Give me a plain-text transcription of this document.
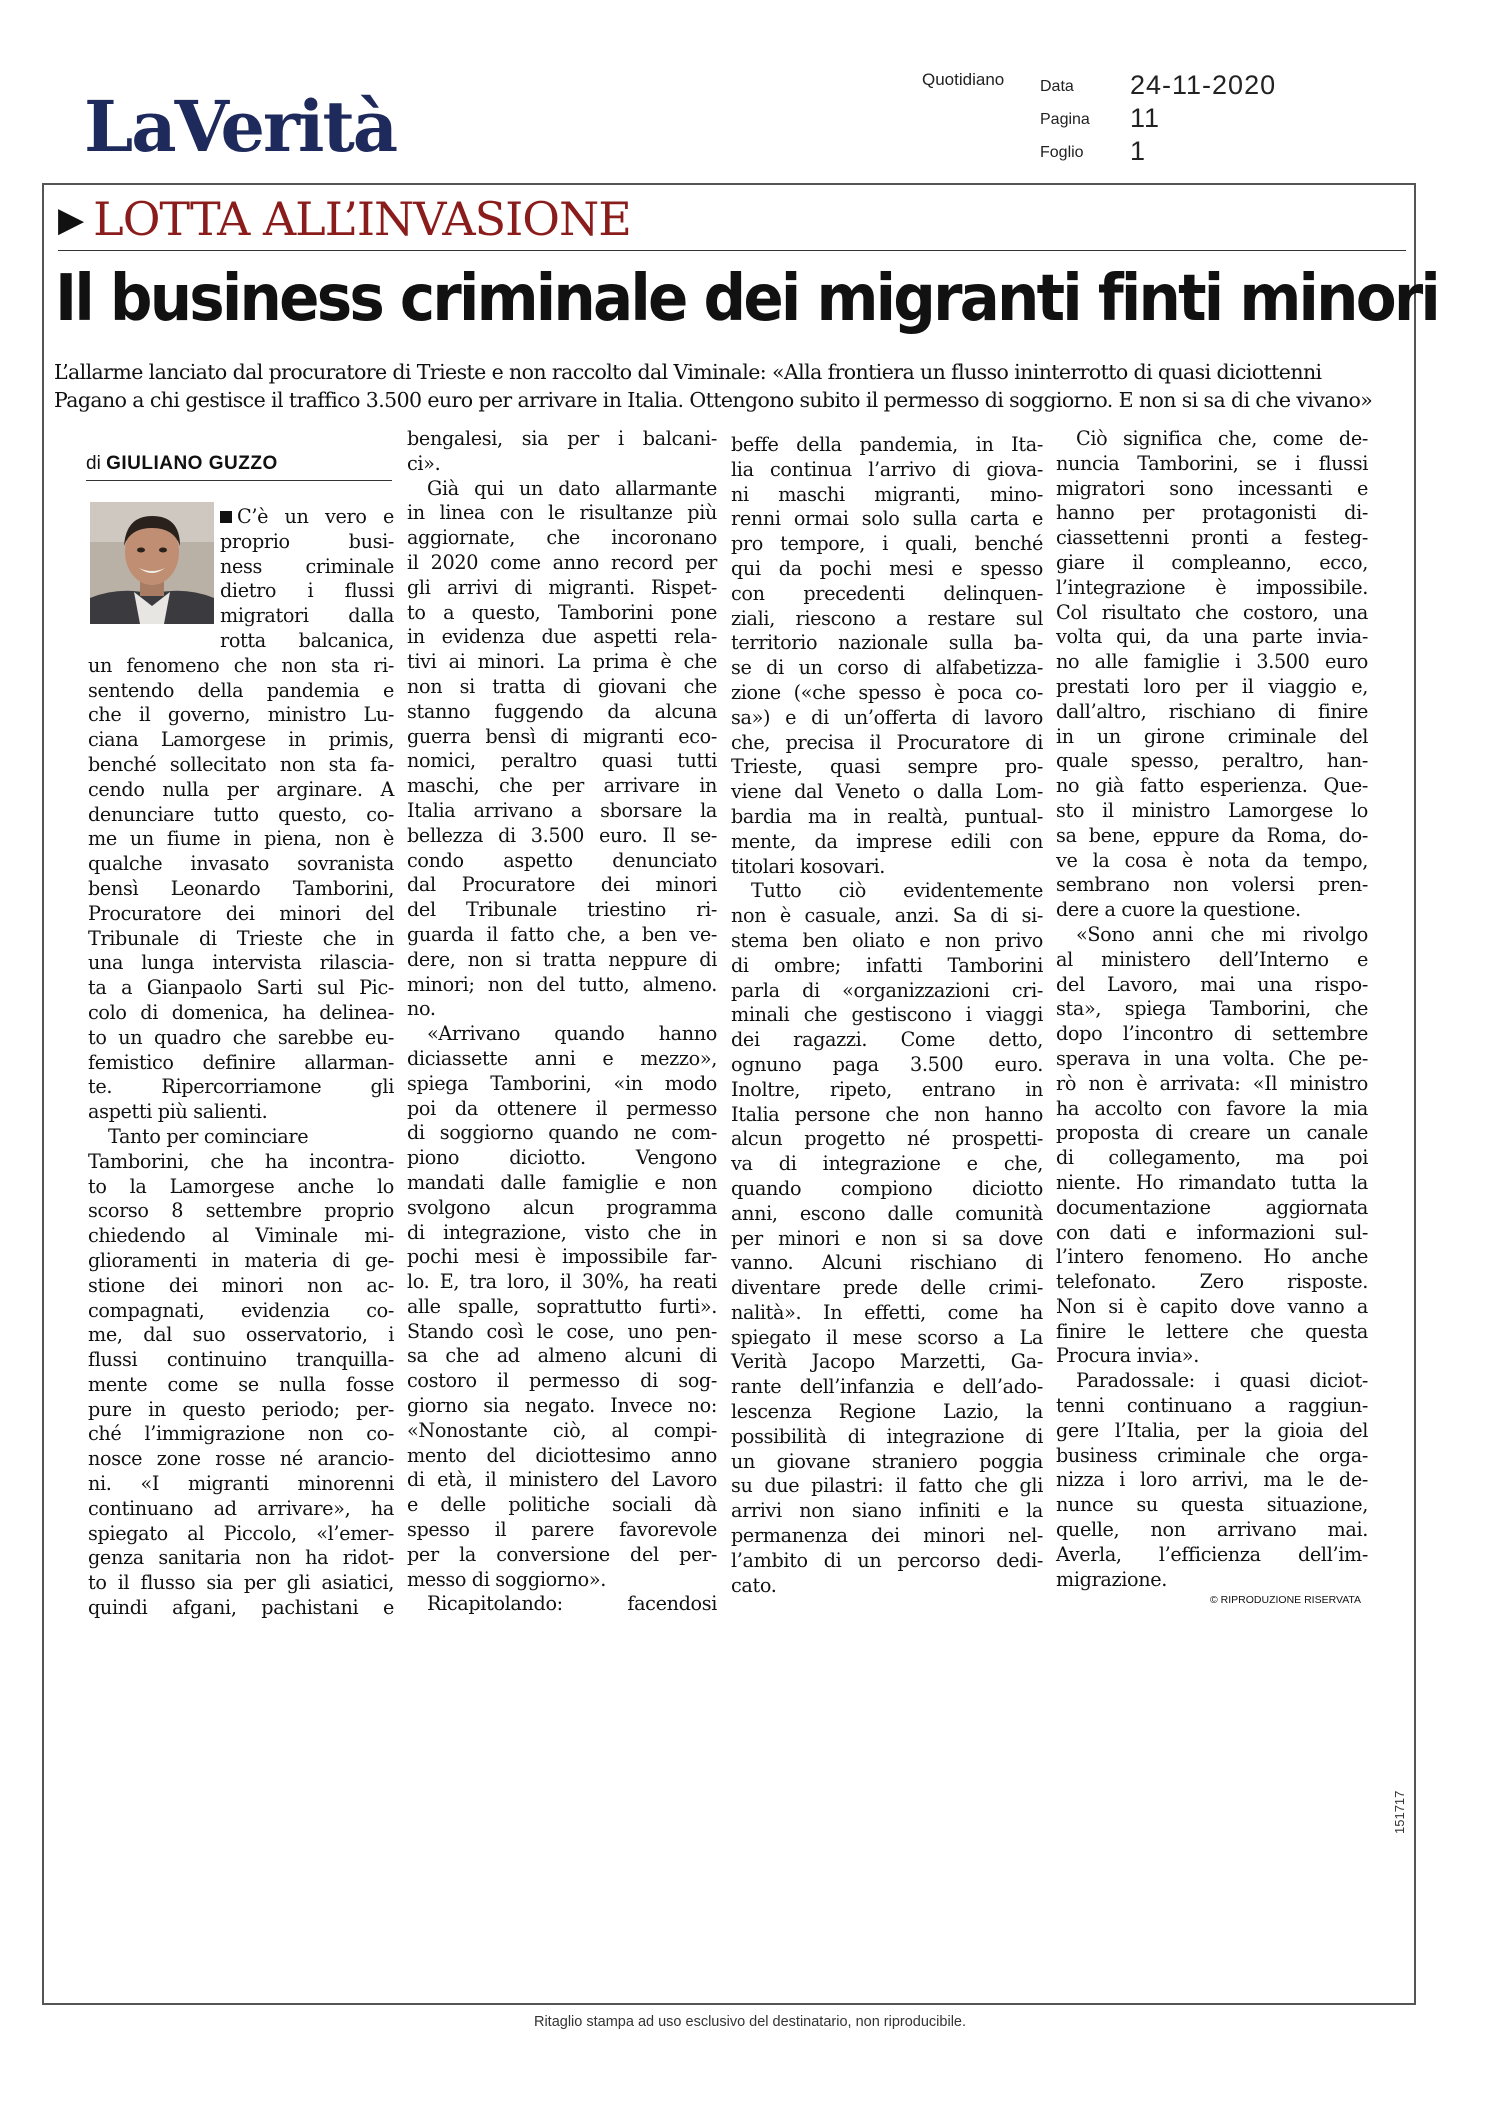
LaVerità
Quotidiano Data 24-11-2020
Pagina 11
Foglio 1
▶ LOTTA ALL’INVASIONE
Il business criminale dei migranti finti minori
L’allarme lanciato dal procuratore di Trieste e non raccolto dal Viminale: «Alla frontiera un flusso ininterrotto di quasi diciottenni
Pagano a chi gestisce il traffico 3.500 euro per arrivare in Italia. Ottengono subito il permesso di soggiorno. E non si sa di che vivano»
di GIULIANO GUZZO
C’è un vero e
proprio busi-
ness criminale
dietro i flussi
migratori dalla
rotta balcanica,
un fenomeno che non sta ri-
sentendo della pandemia e
che il governo, ministro Lu-
ciana Lamorgese in primis,
benché sollecitato non sta fa-
cendo nulla per arginare. A
denunciare tutto questo, co-
me un fiume in piena, non è
qualche invasato sovranista
bensì Leonardo Tamborini,
Procuratore dei minori del
Tribunale di Trieste che in
una lunga intervista rilascia-
ta a Gianpaolo Sarti sul Pic-
colo di domenica, ha delinea-
to un quadro che sarebbe eu-
femistico definire allarman-
te. Ripercorriamone gli
aspetti più salienti.
Tanto per cominciare
Tamborini, che ha incontra-
to la Lamorgese anche lo
scorso 8 settembre proprio
chiedendo al Viminale mi-
glioramenti in materia di ge-
stione dei minori non ac-
compagnati, evidenzia co-
me, dal suo osservatorio, i
flussi continuino tranquilla-
mente come se nulla fosse
pure in questo periodo; per-
ché l’immigrazione non co-
nosce zone rosse né arancio-
ni. «I migranti minorenni
continuano ad arrivare», ha
spiegato al Piccolo, «l’emer-
genza sanitaria non ha ridot-
to il flusso sia per gli asiatici,
quindi afgani, pachistani e
bengalesi, sia per i balcani-
ci».
Già qui un dato allarmante
in linea con le risultanze più
aggiornate, che incoronano
il 2020 come anno record per
gli arrivi di migranti. Rispet-
to a questo, Tamborini pone
in evidenza due aspetti rela-
tivi ai minori. La prima è che
non si tratta di giovani che
stanno fuggendo da alcuna
guerra bensì di migranti eco-
nomici, peraltro quasi tutti
maschi, che per arrivare in
Italia arrivano a sborsare la
bellezza di 3.500 euro. Il se-
condo aspetto denunciato
dal Procuratore dei minori
del Tribunale triestino ri-
guarda il fatto che, a ben ve-
dere, non si tratta neppure di
minori; non del tutto, almeno.
no.
«Arrivano quando hanno
diciassette anni e mezzo»,
spiega Tamborini, «in modo
poi da ottenere il permesso
di soggiorno quando ne com-
piono diciotto. Vengono
mandati dalle famiglie e non
svolgono alcun programma
di integrazione, visto che in
pochi mesi è impossibile far-
lo. E, tra loro, il 30%, ha reati
alle spalle, soprattutto furti».
Stando così le cose, uno pen-
sa che ad almeno alcuni di
costoro il permesso di sog-
giorno sia negato. Invece no:
«Nonostante ciò, al compi-
mento del diciottesimo anno
di età, il ministero del Lavoro
e delle politiche sociali dà
spesso il parere favorevole
per la conversione del per-
messo di soggiorno».
Ricapitolando: facendosi
beffe della pandemia, in Ita-
lia continua l’arrivo di giova-
ni maschi migranti, mino-
renni ormai solo sulla carta e
pro tempore, i quali, benché
qui da pochi mesi e spesso
con precedenti delinquen-
ziali, riescono a restare sul
territorio nazionale sulla ba-
se di un corso di alfabetizza-
zione («che spesso è poca co-
sa») e di un’offerta di lavoro
che, precisa il Procuratore di
Trieste, quasi sempre pro-
viene dal Veneto o dalla Lom-
bardia ma in realtà, puntual-
mente, da imprese edili con
titolari kosovari.
Tutto ciò evidentemente
non è casuale, anzi. Sa di si-
stema ben oliato e non privo
di ombre; infatti Tamborini
parla di «organizzazioni cri-
minali che gestiscono i viaggi
dei ragazzi. Come detto,
ognuno paga 3.500 euro.
Inoltre, ripeto, entrano in
Italia persone che non hanno
alcun progetto né prospetti-
va di integrazione e che,
quando compiono diciotto
anni, escono dalle comunità
per minori e non si sa dove
vanno. Alcuni rischiano di
diventare prede delle crimi-
nalità». In effetti, come ha
spiegato il mese scorso a La
Verità Jacopo Marzetti, Ga-
rante dell’infanzia e dell’ado-
lescenza Regione Lazio, la
possibilità di integrazione di
un giovane straniero poggia
su due pilastri: il fatto che gli
arrivi non siano infiniti e la
permanenza dei minori nel-
l’ambito di un percorso dedi-
cato.
Ciò significa che, come de-
nuncia Tamborini, se i flussi
migratori sono incessanti e
hanno per protagonisti di-
ciassettenni pronti a festeg-
giare il compleanno, ecco,
l’integrazione è impossibile.
Col risultato che costoro, una
volta qui, da una parte invia-
no alle famiglie i 3.500 euro
prestati loro per il viaggio e,
dall’altro, rischiano di finire
in un girone criminale del
quale spesso, peraltro, han-
no già fatto esperienza. Que-
sto il ministro Lamorgese lo
sa bene, eppure da Roma, do-
ve la cosa è nota da tempo,
sembrano non volersi pren-
dere a cuore la questione.
«Sono anni che mi rivolgo
al ministero dell’Interno e
del Lavoro, mai una rispo-
sta», spiega Tamborini, che
dopo l’incontro di settembre
sperava in una volta. Che pe-
rò non è arrivata: «Il ministro
ha accolto con favore la mia
proposta di creare un canale
di collegamento, ma poi
niente. Ho rimandato tutta la
documentazione aggiornata
con dati e informazioni sul-
l’intero fenomeno. Ho anche
telefonato. Zero risposte.
Non si è capito dove vanno a
finire le lettere che questa
Procura invia».
Paradossale: i quasi diciot-
tenni continuano a raggiun-
gere l’Italia, per la gioia del
business criminale che orga-
nizza i loro arrivi, ma le de-
nunce su questa situazione,
quelle, non arrivano mai.
Averla, l’efficienza dell’im-
migrazione.
© RIPRODUZIONE RISERVATA
151717
Ritaglio stampa ad uso esclusivo del destinatario, non riproducibile.
